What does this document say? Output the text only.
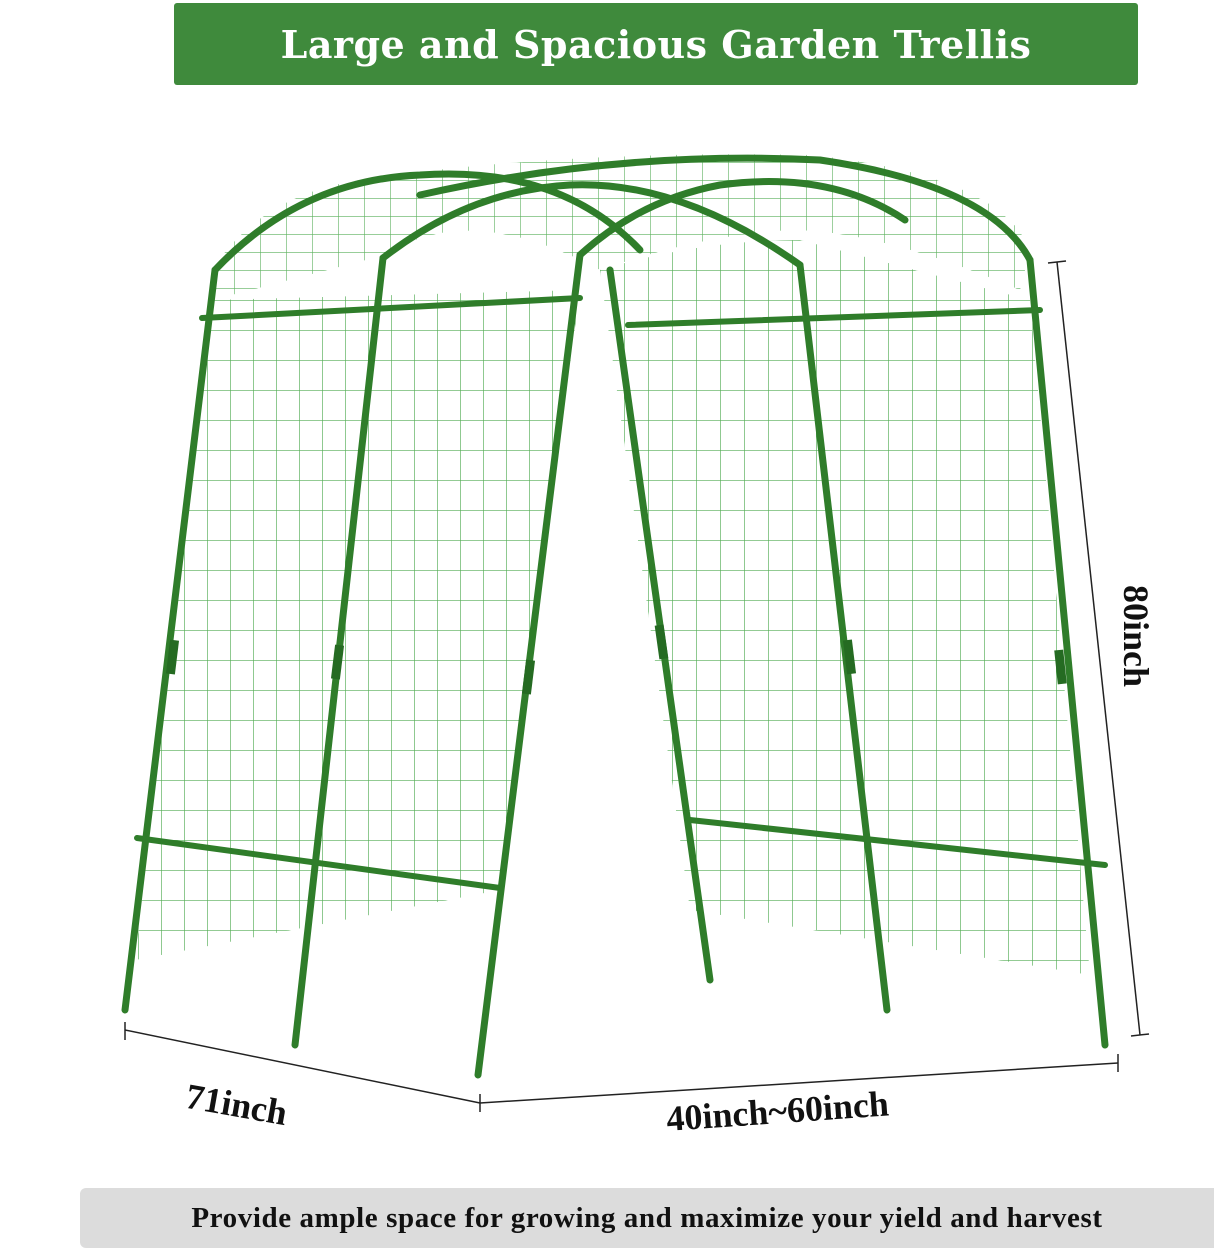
Large and Spacious Garden Trellis
71inch	40inch~60inch
80inch
Provide ample space for growing and maximize your yield and harvest
